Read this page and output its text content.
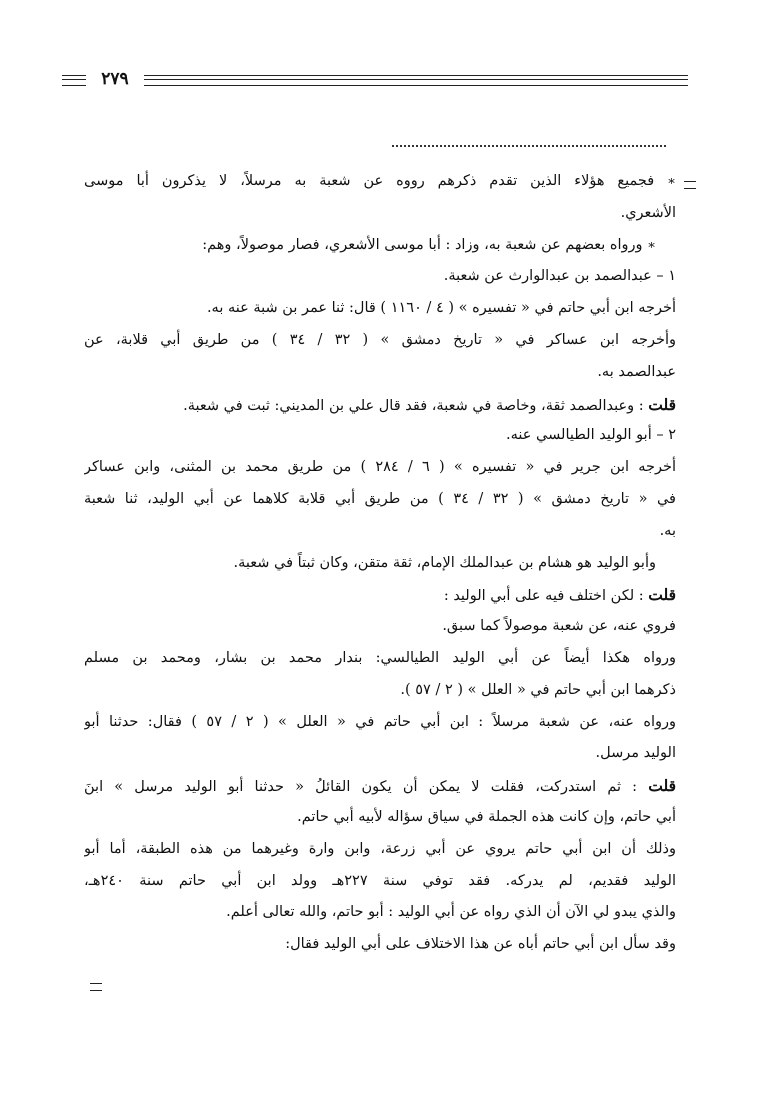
٢٧٩
∗ فجميع هؤلاء الذين تقدم ذكرهم رووه عن شعبة به مرسلاً، لا يذكرون أبا موسى
الأشعري.
∗ ورواه بعضهم عن شعبة به، وزاد : أبا موسى الأشعري، فصار موصولاً، وهم:
١ – عبدالصمد بن عبدالوارث عن شعبة.
أخرجه ابن أبي حاتم في « تفسيره » ( ٤ / ١١٦٠ ) قال: ثنا عمر بن شبة عنه به.
وأخرجه ابن عساكر في « تاريخ دمشق » ( ٣٢ / ٣٤ ) من طريق أبي قلابة، عن
عبدالصمد به.
قلت : وعبدالصمد ثقة، وخاصة في شعبة، فقد قال علي بن المديني: ثبت في شعبة.
٢ – أبو الوليد الطيالسي عنه.
أخرجه ابن جرير في « تفسيره » ( ٦ / ٢٨٤ ) من طريق محمد بن المثنى، وابن عساكر
في « تاريخ دمشق » ( ٣٢ / ٣٤ ) من طريق أبي قلابة كلاهما عن أبي الوليد، ثنا شعبة
به.
وأبو الوليد هو هشام بن عبدالملك الإمام، ثقة متقن، وكان ثبتاً في شعبة.
قلت : لكن اختلف فيه على أبي الوليد :
فروي عنه، عن شعبة موصولاً كما سبق.
ورواه هكذا أيضاً عن أبي الوليد الطيالسي: بندار محمد بن بشار، ومحمد بن مسلم
ذكرهما ابن أبي حاتم في « العلل » ( ٢ / ٥٧ ).
ورواه عنه، عن شعبة مرسلاً : ابن أبي حاتم في « العلل » ( ٢ / ٥٧ ) فقال: حدثنا أبو
الوليد مرسل.
قلت : ثم استدركت، فقلت لا يمكن أن يكون القائلُ « حدثنا أبو الوليد مرسل » ابنَ
أبي حاتم، وإن كانت هذه الجملة في سياق سؤاله لأبيه أبي حاتم.
وذلك أن ابن أبي حاتم يروي عن أبي زرعة، وابن وارة وغيرهما من هذه الطبقة، أما أبو
الوليد فقديم، لم يدركه. فقد توفي سنة ٢٢٧هـ وولد ابن أبي حاتم سنة ٢٤٠هـ،
والذي يبدو لي الآن أن الذي رواه عن أبي الوليد : أبو حاتم، والله تعالى أعلم.
وقد سأل ابن أبي حاتم أباه عن هذا الاختلاف على أبي الوليد فقال:
